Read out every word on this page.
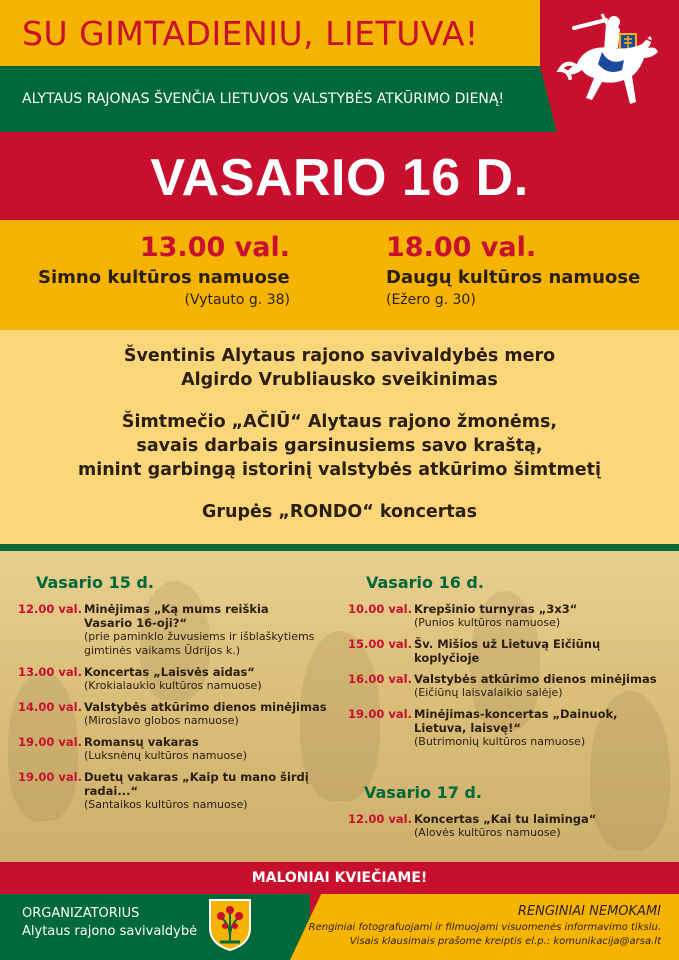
SU GIMTADIENIU, LIETUVA!
ALYTAUS RAJONAS ŠVENČIA LIETUVOS VALSTYBĖS ATKŪRIMO DIENĄ!
VASARIO 16 D.
13.00 val.
Simno kultūros namuose
(Vytauto g. 38)
18.00 val.
Daugų kultūros namuose
(Ežero g. 30)

Šventinis Alytaus rajono savivaldybės mero

Algirdo Vrubliausko sveikinimas

Šimtmečio „AČIŪ“ Alytaus rajono žmonėms,

savais darbais garsinusiems savo kraštą,

minint garbingą istorinį valstybės atkūrimo šimtmetį

Grupės „RONDO“ koncertas

Vasario 15 d.
12.00 val. Minėjimas „Ką mums reiškia
Vasario 16-oji?“
(prie paminklo žuvusiems ir išblaškytiems
gimtinės vaikams Ūdrijos k.)
13.00 val. Koncertas „Laisvės aidas“
(Krokialaukio kultūros namuose)
14.00 val. Valstybės atkūrimo dienos minėjimas
(Miroslavo globos namuose)
19.00 val. Romansų vakaras
(Luksnėnų kultūros namuose)
19.00 val. Duetų vakaras „Kaip tu mano širdį
radai...“
(Santaikos kultūros namuose)
Vasario 16 d.
10.00 val. Krepšinio turnyras „3x3“
(Punios kultūros namuose)
15.00 val. Šv. Mišios už Lietuvą Eičiūnų koplyčioje
16.00 val. Valstybės atkūrimo dienos minėjimas
(Eičiūnų laisvalaikio salėje)
19.00 val. Minėjimas-koncertas „Dainuok,
Lietuva, laisvę!“
(Butrimonių kultūros namuose)
Vasario 17 d.
12.00 val. Koncertas „Kai tu laiminga“
(Alovės kultūros namuose)
MALONIAI KVIEČIAME!
ORGANIZATORIUS
Alytaus rajono savivaldybė
RENGINIAI NEMOKAMI
Renginiai fotografuojami ir filmuojami visuomenės informavimo tikslu.
Visais klausimais prašome kreiptis el.p.: komunikacija@arsa.lt
